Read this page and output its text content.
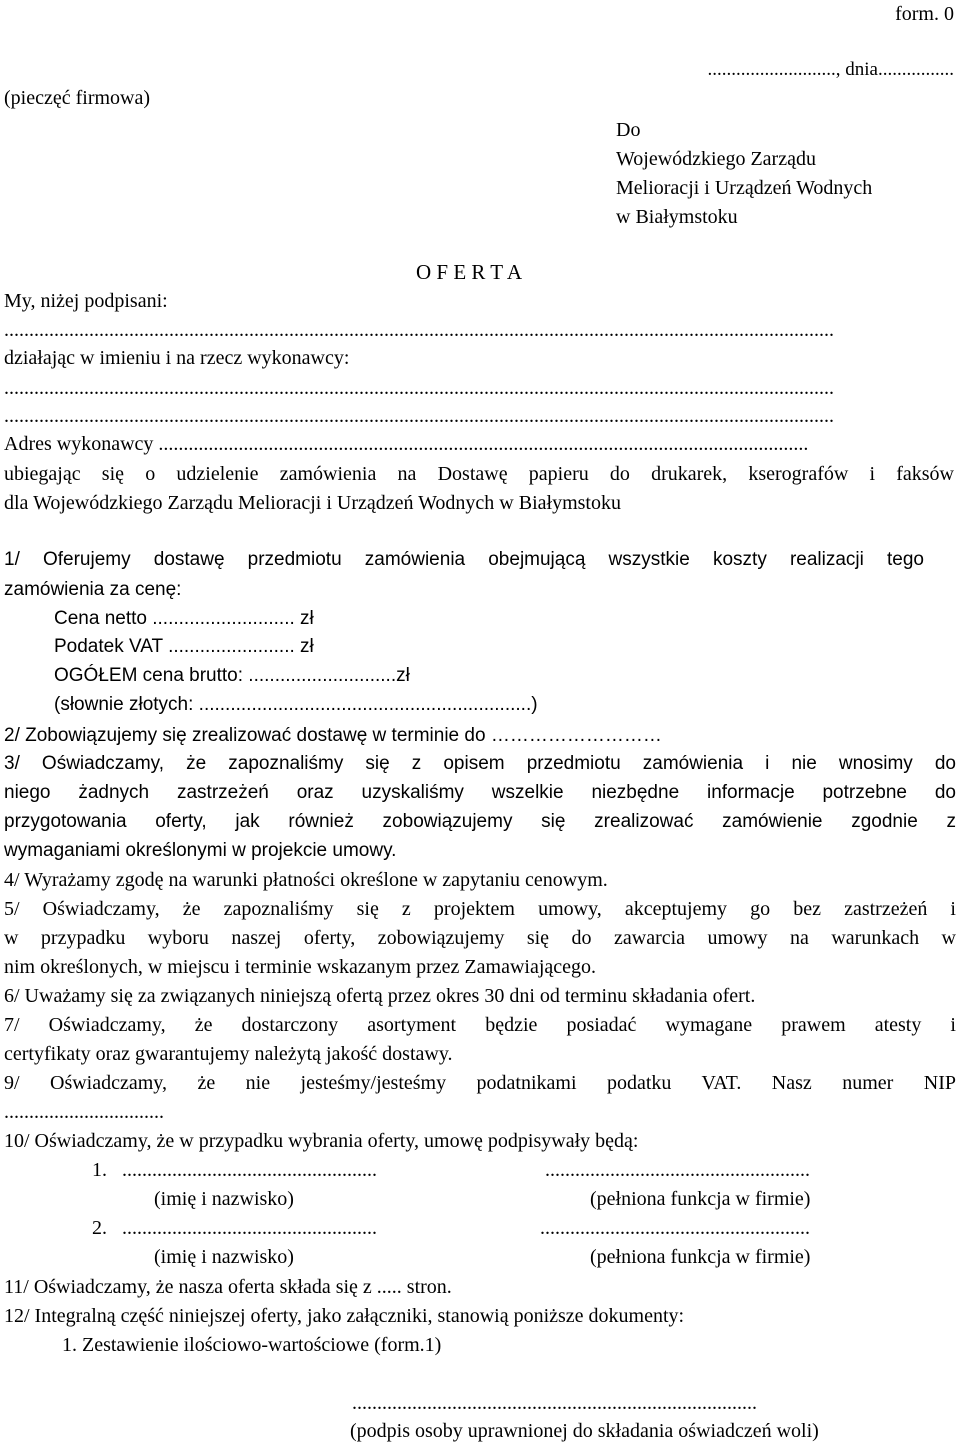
form. 0
(pieczęć firmowa)
..........................., dnia................
Do
Wojewódzkiego Zarządu
Melioracji i Urządzeń Wodnych
w Białymstoku
O F E R T A
My, niżej podpisani:
......................................................................................................................................................................
działając w imieniu i na rzecz wykonawcy:
......................................................................................................................................................................
......................................................................................................................................................................
Adres wykonawcy ..................................................................................................................................
ubiegając się o udzielenie zamówienia na Dostawę papieru do drukarek, kserografów i faksów
dla Wojewódzkiego Zarządu Melioracji i Urządzeń Wodnych w Białymstoku
1/ Oferujemy dostawę przedmiotu zamówienia obejmującą wszystkie koszty realizacji tego
zamówienia za cenę:
Cena netto ........................... zł
Podatek VAT ........................ zł
OGÓŁEM cena brutto: ............................zł
(słownie złotych: ...............................................................)
2/ Zobowiązujemy się zrealizować dostawę w terminie do ………………………
3/ Oświadczamy, że zapoznaliśmy się z opisem przedmiotu zamówienia i nie wnosimy do
niego żadnych zastrzeżeń oraz uzyskaliśmy wszelkie niezbędne informacje potrzebne do
przygotowania oferty, jak również zobowiązujemy się zrealizować zamówienie zgodnie z
wymaganiami określonymi w projekcie umowy.
4/ Wyrażamy zgodę na warunki płatności określone w zapytaniu cenowym.
5/ Oświadczamy, że zapoznaliśmy się z projektem umowy, akceptujemy go bez zastrzeżeń i
w przypadku wyboru naszej oferty, zobowiązujemy się do zawarcia umowy na warunkach w
nim określonych, w miejscu i terminie wskazanym przez Zamawiającego.
6/ Uważamy się za związanych niniejszą ofertą przez okres 30 dni od terminu składania ofert.
7/ Oświadczamy, że dostarczony asortyment będzie posiadać wymagane prawem atesty i
certyfikaty oraz gwarantujemy należytą jakość dostawy.
9/ Oświadczamy, że nie jesteśmy/jesteśmy podatnikami podatku VAT. Nasz numer NIP
................................
10/ Oświadczamy, że w przypadku wybrania oferty, umowę podpisywały będą:
1. ...................................................	.....................................................
(imię i nazwisko)	(pełniona funkcja w firmie)
2. ...................................................	......................................................
(imię i nazwisko)	(pełniona funkcja w firmie)
11/ Oświadczamy, że nasza oferta składa się z ..... stron.
12/ Integralną część niniejszej oferty, jako załączniki, stanowią poniższe dokumenty:
1. Zestawienie ilościowo-wartościowe (form.1)
.................................................................................
(podpis osoby uprawnionej do składania oświadczeń woli)
